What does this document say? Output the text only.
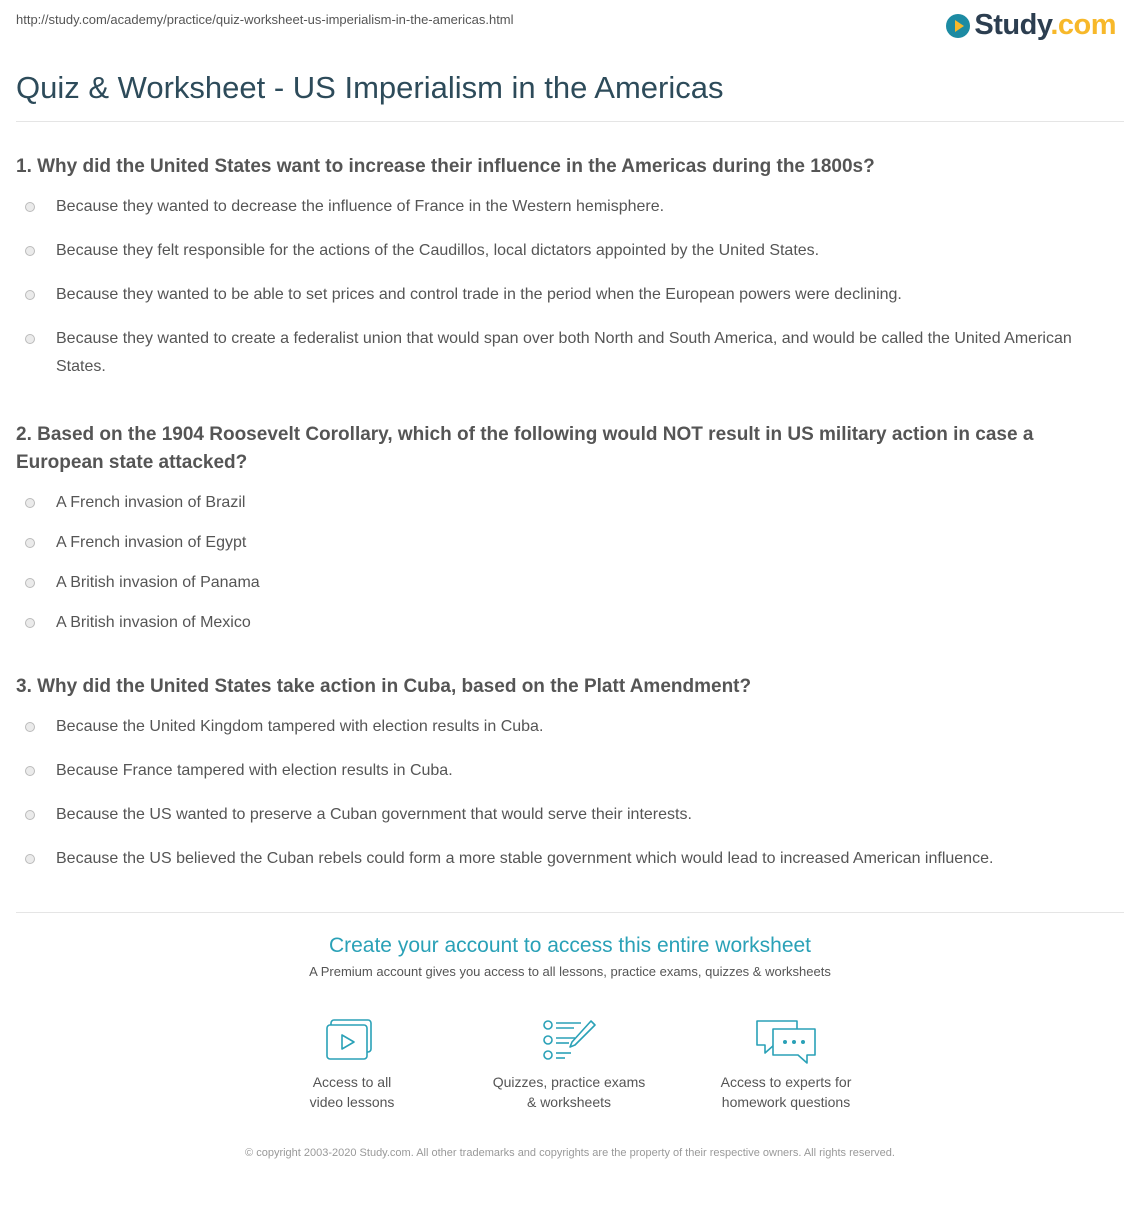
http://study.com/academy/practice/quiz-worksheet-us-imperialism-in-the-americas.html	Study.com
Quiz & Worksheet - US Imperialism in the Americas
1. Why did the United States want to increase their influence in the Americas during the 1800s?
Because they wanted to decrease the influence of France in the Western hemisphere.
Because they felt responsible for the actions of the Caudillos, local dictators appointed by the United States.
Because they wanted to be able to set prices and control trade in the period when the European powers were declining.
Because they wanted to create a federalist union that would span over both North and South America, and would be called the United American States.
2. Based on the 1904 Roosevelt Corollary, which of the following would NOT result in US military action in case a European state attacked?
A French invasion of Brazil
A French invasion of Egypt
A British invasion of Panama
A British invasion of Mexico
3. Why did the United States take action in Cuba, based on the Platt Amendment?
Because the United Kingdom tampered with election results in Cuba.
Because France tampered with election results in Cuba.
Because the US wanted to preserve a Cuban government that would serve their interests.
Because the US believed the Cuban rebels could form a more stable government which would lead to increased American influence.
Create your account to access this entire worksheet
A Premium account gives you access to all lessons, practice exams, quizzes & worksheets
Access to all
video lessons
Quizzes, practice exams
& worksheets
Access to experts for
homework questions
© copyright 2003-2020 Study.com. All other trademarks and copyrights are the property of their respective owners. All rights reserved.
